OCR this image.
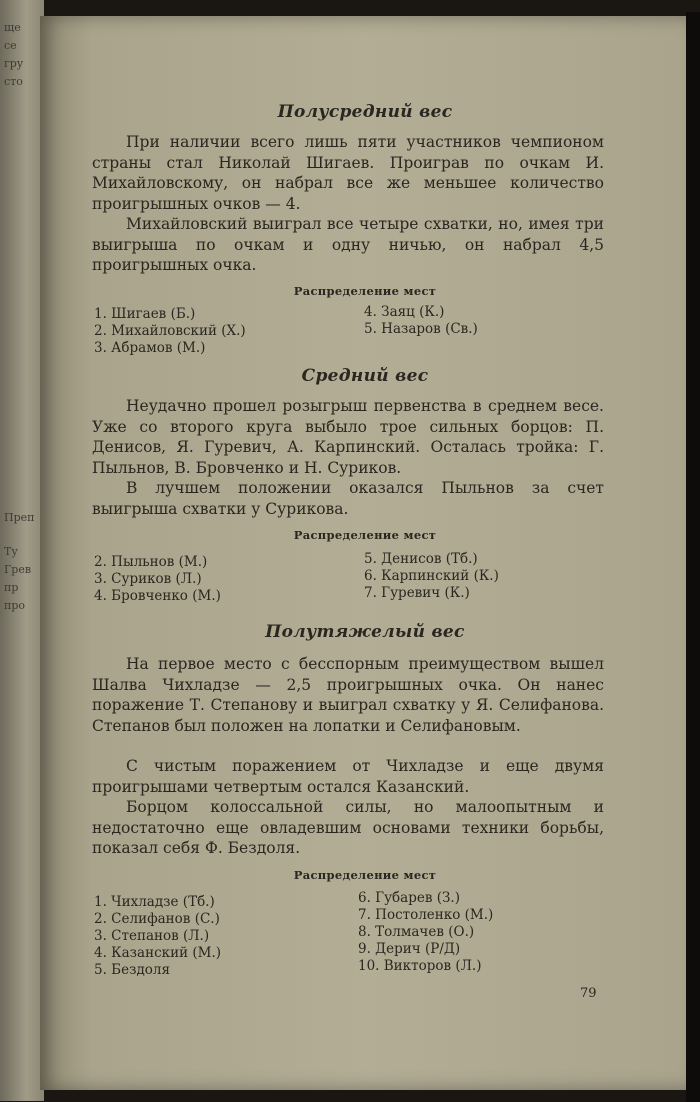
ще
се
гру
сто
Преп
Ту
Грев
пр
про
Полусредний вес
При наличии всего лишь пяти участников чемпионом страны стал Николай Шигаев. Проиграв по очкам И. Михайловскому, он набрал все же меньшее количество проигрышных очков — 4.
Михайловский выиграл все четыре схватки, но, имея три выигрыша по очкам и одну ничью, он набрал 4,5 проигрышных очка.
Распределение мест
1. Шигаев (Б.)
2. Михайловский (Х.)
3. Абрамов (М.)
4. Заяц (К.)
5. Назаров (Св.)
Средний вес
Неудачно прошел розыгрыш первенства в среднем весе. Уже со второго круга выбыло трое сильных борцов: П. Денисов, Я. Гуревич, А. Карпинский. Осталась тройка: Г. Пыльнов, В. Бровченко и Н. Суриков.
В лучшем положении оказался Пыльнов за счет выигрыша схватки у Сурикова.
Распределение мест
2. Пыльнов (М.)
3. Суриков (Л.)
4. Бровченко (М.)
5. Денисов (Тб.)
6. Карпинский (К.)
7. Гуревич (К.)
Полутяжелый вес
На первое место с бесспорным преимуществом вышел Шалва Чихладзе — 2,5 проигрышных очка. Он нанес поражение Т. Степанову и выиграл схватку у Я. Селифанова. Степанов был положен на лопатки и Селифановым.
С чистым поражением от Чихладзе и еще двумя проигрышами четвертым остался Казанский.
Борцом колоссальной силы, но малоопытным и недостаточно еще овладевшим основами техники борьбы, показал себя Ф. Бездоля.
Распределение мест
1. Чихладзе (Тб.)
2. Селифанов (С.)
3. Степанов (Л.)
4. Казанский (М.)
5. Бездоля
6. Губарев (З.)
7. Постоленко (М.)
8. Толмачев (О.)
9. Дерич (Р/Д)
10. Викторов (Л.)
79
